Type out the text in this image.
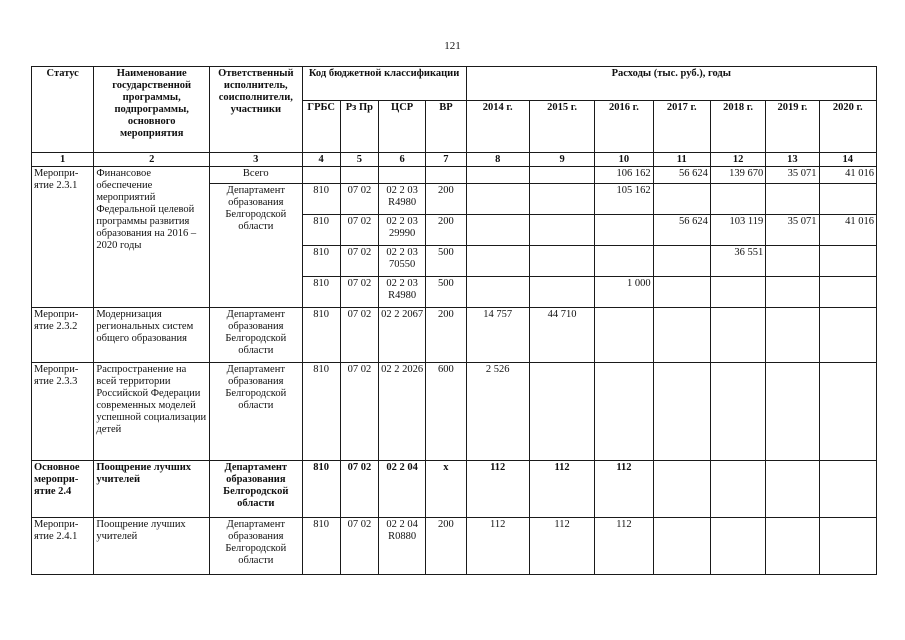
121
Статус	Наименование государственной программы, подпрограммы, основного мероприятия	Ответственный исполнитель, соисполнители, участники	Код бюджетной классификации				Расходы (тыс. руб.), годы						
			ГРБС	Рз Пр	ЦСР	ВР	2014 г.	2015 г.	2016 г.	2017 г.	2018 г.	2019 г.	2020 г.
1	2	3	4	5	6	7	8	9	10	11	12	13	14
Меропри-ятие 2.3.1	Финансовое обеспечение мероприятий Федеральной целевой программы развития образования на 2016 – 2020 годы	Всего							106 162	56 624	139 670	35 071	41 016
		Департамент образования Белгородской области	810	07 02	02 2 03 R4980	200			105 162				
			810	07 02	02 2 03 29990	200				56 624	103 119	35 071	41 016
			810	07 02	02 2 03 70550	500					36 551		
			810	07 02	02 2 03 R4980	500			1 000				
Меропри-ятие 2.3.2	Модернизация региональных систем общего образования	Департамент образования Белгородской области	810	07 02	02 2 2067	200	14 757	44 710					
Меропри-ятие 2.3.3	Распространение на всей территории Российской Федерации современных моделей успешной социализации детей	Департамент образования Белгородской области	810	07 02	02 2 2026	600	2 526						
Основное меропри-ятие 2.4	Поощрение лучших учителей	Департамент образования Белгородской области	810	07 02	02 2 04	х	112	112	112				
Меропри-ятие 2.4.1	Поощрение лучших учителей	Департамент образования Белгородской области	810	07 02	02 2 04 R0880	200	112	112	112				
